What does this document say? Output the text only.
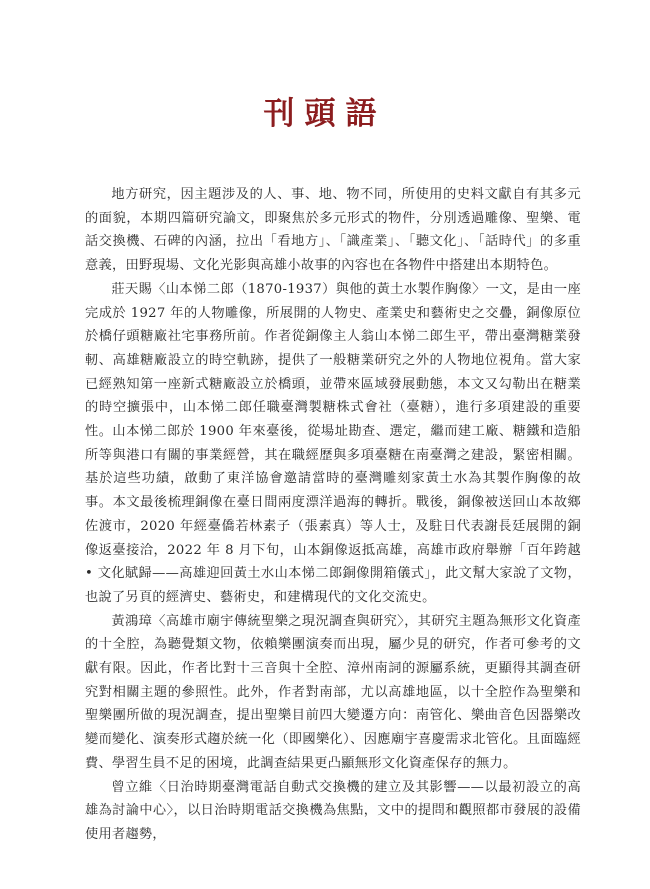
刊頭語

地方研究，因主題涉及的人、事、地、物不同，所使用的史料文獻自有其多元的面貌，本期四篇研究論文，即聚焦於多元形式的物件，分別透過雕像、聖樂、電話交換機、石碑的內涵，拉出「看地方」、「識產業」、「聽文化」、「話時代」的多重意義，田野現場、文化光影與高雄小故事的內容也在各物件中搭建出本期特色。

莊天賜〈山本悌二郎（1870-1937）與他的黃土水製作胸像〉一文，是由一座完成於 1927 年的人物雕像，所展開的人物史、產業史和藝術史之交疊，銅像原位於橋仔頭糖廠社宅事務所前。作者從銅像主人翁山本悌二郎生平，帶出臺灣糖業發軔、高雄糖廠設立的時空軌跡，提供了一般糖業研究之外的人物地位視角。當大家已經熟知第一座新式糖廠設立於橋頭，並帶來區域發展動態，本文又勾勒出在糖業的時空擴張中，山本悌二郎任職臺灣製糖株式會社（臺糖），進行多項建設的重要性。山本悌二郎於 1900 年來臺後，從場址勘查、選定，繼而建工廠、糖鐵和造船所等與港口有關的事業經營，其在職經歷與多項臺糖在南臺灣之建設，緊密相關。基於這些功績，啟動了東洋協會邀請當時的臺灣雕刻家黃土水為其製作胸像的故事。本文最後梳理銅像在臺日間兩度漂洋過海的轉折。戰後，銅像被送回山本故鄉佐渡市，2020 年經臺僑若林素子（張素真）等人士，及駐日代表謝長廷展開的銅像返臺接洽，2022 年 8 月下旬，山本銅像返抵高雄，高雄市政府舉辦「百年跨越 • 文化賦歸——高雄迎回黃土水山本悌二郎銅像開箱儀式」，此文幫大家說了文物，也說了另頁的經濟史、藝術史，和建構現代的文化交流史。

黃鴻璋〈高雄市廟宇傳統聖樂之現況調查與研究〉，其研究主題為無形文化資產的十全腔，為聽覺類文物，依賴樂團演奏而出現，屬少見的研究，作者可參考的文獻有限。因此，作者比對十三音與十全腔、漳州南詞的源屬系統，更顯得其調查研究對相關主題的參照性。此外，作者對南部，尤以高雄地區，以十全腔作為聖樂和聖樂團所做的現況調查，提出聖樂目前四大變遷方向：南管化、樂曲音色因器樂改變而變化、演奏形式趨於統一化（即國樂化）、因應廟宇喜慶需求北管化。且面臨經費、學習生員不足的困境，此調查結果更凸顯無形文化資產保存的無力。

曾立維〈日治時期臺灣電話自動式交換機的建立及其影響——以最初設立的高雄為討論中心〉，以日治時期電話交換機為焦點，文中的提問和觀照都市發展的設備使用者趨勢，
